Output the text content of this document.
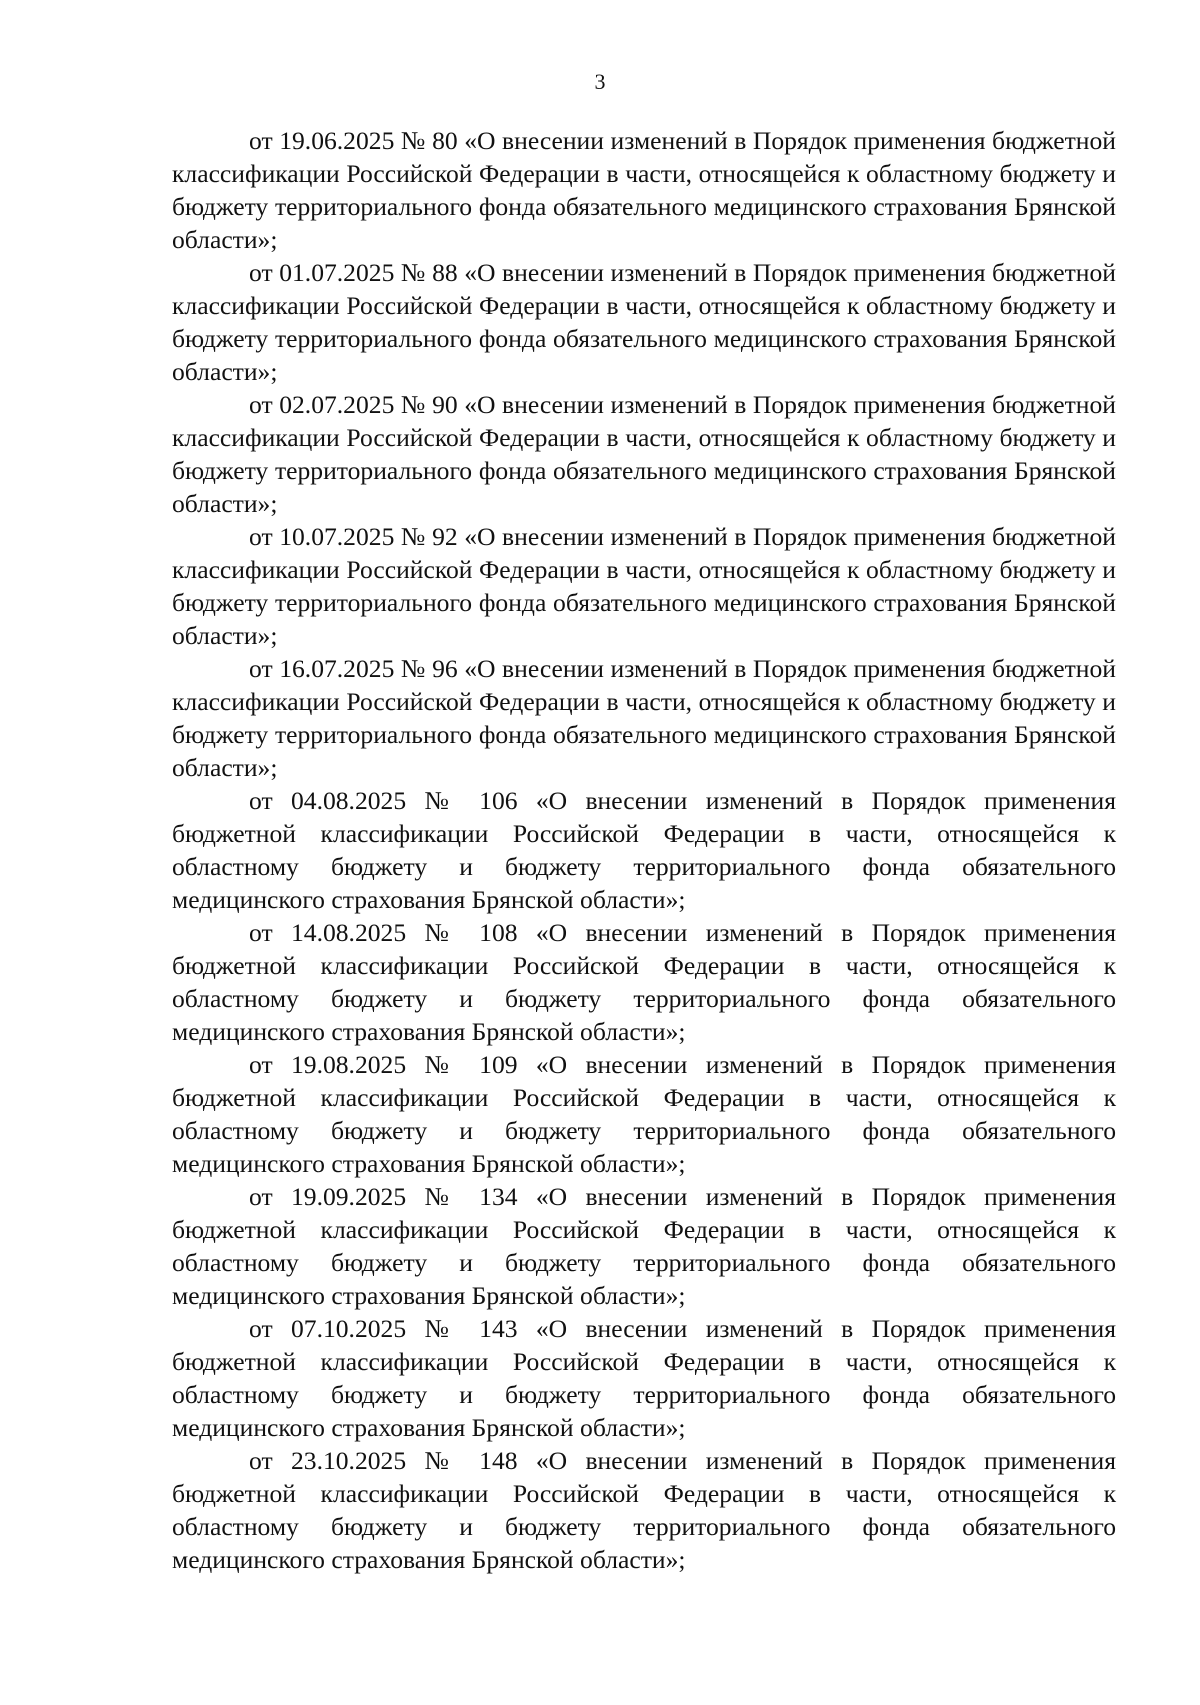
3

от 19.06.2025 № 80 «О внесении изменений в Порядок применения бюджетной классификации Российской Федерации в части, относящейся к областному бюджету и бюджету территориального фонда обязательного медицинского страхования Брянской области»;

от 01.07.2025 № 88 «О внесении изменений в Порядок применения бюджетной классификации Российской Федерации в части, относящейся к областному бюджету и бюджету территориального фонда обязательного медицинского страхования Брянской области»;

от 02.07.2025 № 90 «О внесении изменений в Порядок применения бюджетной классификации Российской Федерации в части, относящейся к областному бюджету и бюджету территориального фонда обязательного медицинского страхования Брянской области»;

от 10.07.2025 № 92 «О внесении изменений в Порядок применения бюджетной классификации Российской Федерации в части, относящейся к областному бюджету и бюджету территориального фонда обязательного медицинского страхования Брянской области»;

от 16.07.2025 № 96 «О внесении изменений в Порядок применения бюджетной классификации Российской Федерации в части, относящейся к областному бюджету и бюджету территориального фонда обязательного медицинского страхования Брянской области»;

от 04.08.2025 № 106 «О внесении изменений в Порядок применения бюджетной классификации Российской Федерации в части, относящейся к областному бюджету и бюджету территориального фонда обязательного медицинского страхования Брянской области»;

от 14.08.2025 № 108 «О внесении изменений в Порядок применения бюджетной классификации Российской Федерации в части, относящейся к областному бюджету и бюджету территориального фонда обязательного медицинского страхования Брянской области»;

от 19.08.2025 № 109 «О внесении изменений в Порядок применения бюджетной классификации Российской Федерации в части, относящейся к областному бюджету и бюджету территориального фонда обязательного медицинского страхования Брянской области»;

от 19.09.2025 № 134 «О внесении изменений в Порядок применения бюджетной классификации Российской Федерации в части, относящейся к областному бюджету и бюджету территориального фонда обязательного медицинского страхования Брянской области»;

от 07.10.2025 № 143 «О внесении изменений в Порядок применения бюджетной классификации Российской Федерации в части, относящейся к областному бюджету и бюджету территориального фонда обязательного медицинского страхования Брянской области»;

от 23.10.2025 № 148 «О внесении изменений в Порядок применения бюджетной классификации Российской Федерации в части, относящейся к областному бюджету и бюджету территориального фонда обязательного медицинского страхования Брянской области»;
